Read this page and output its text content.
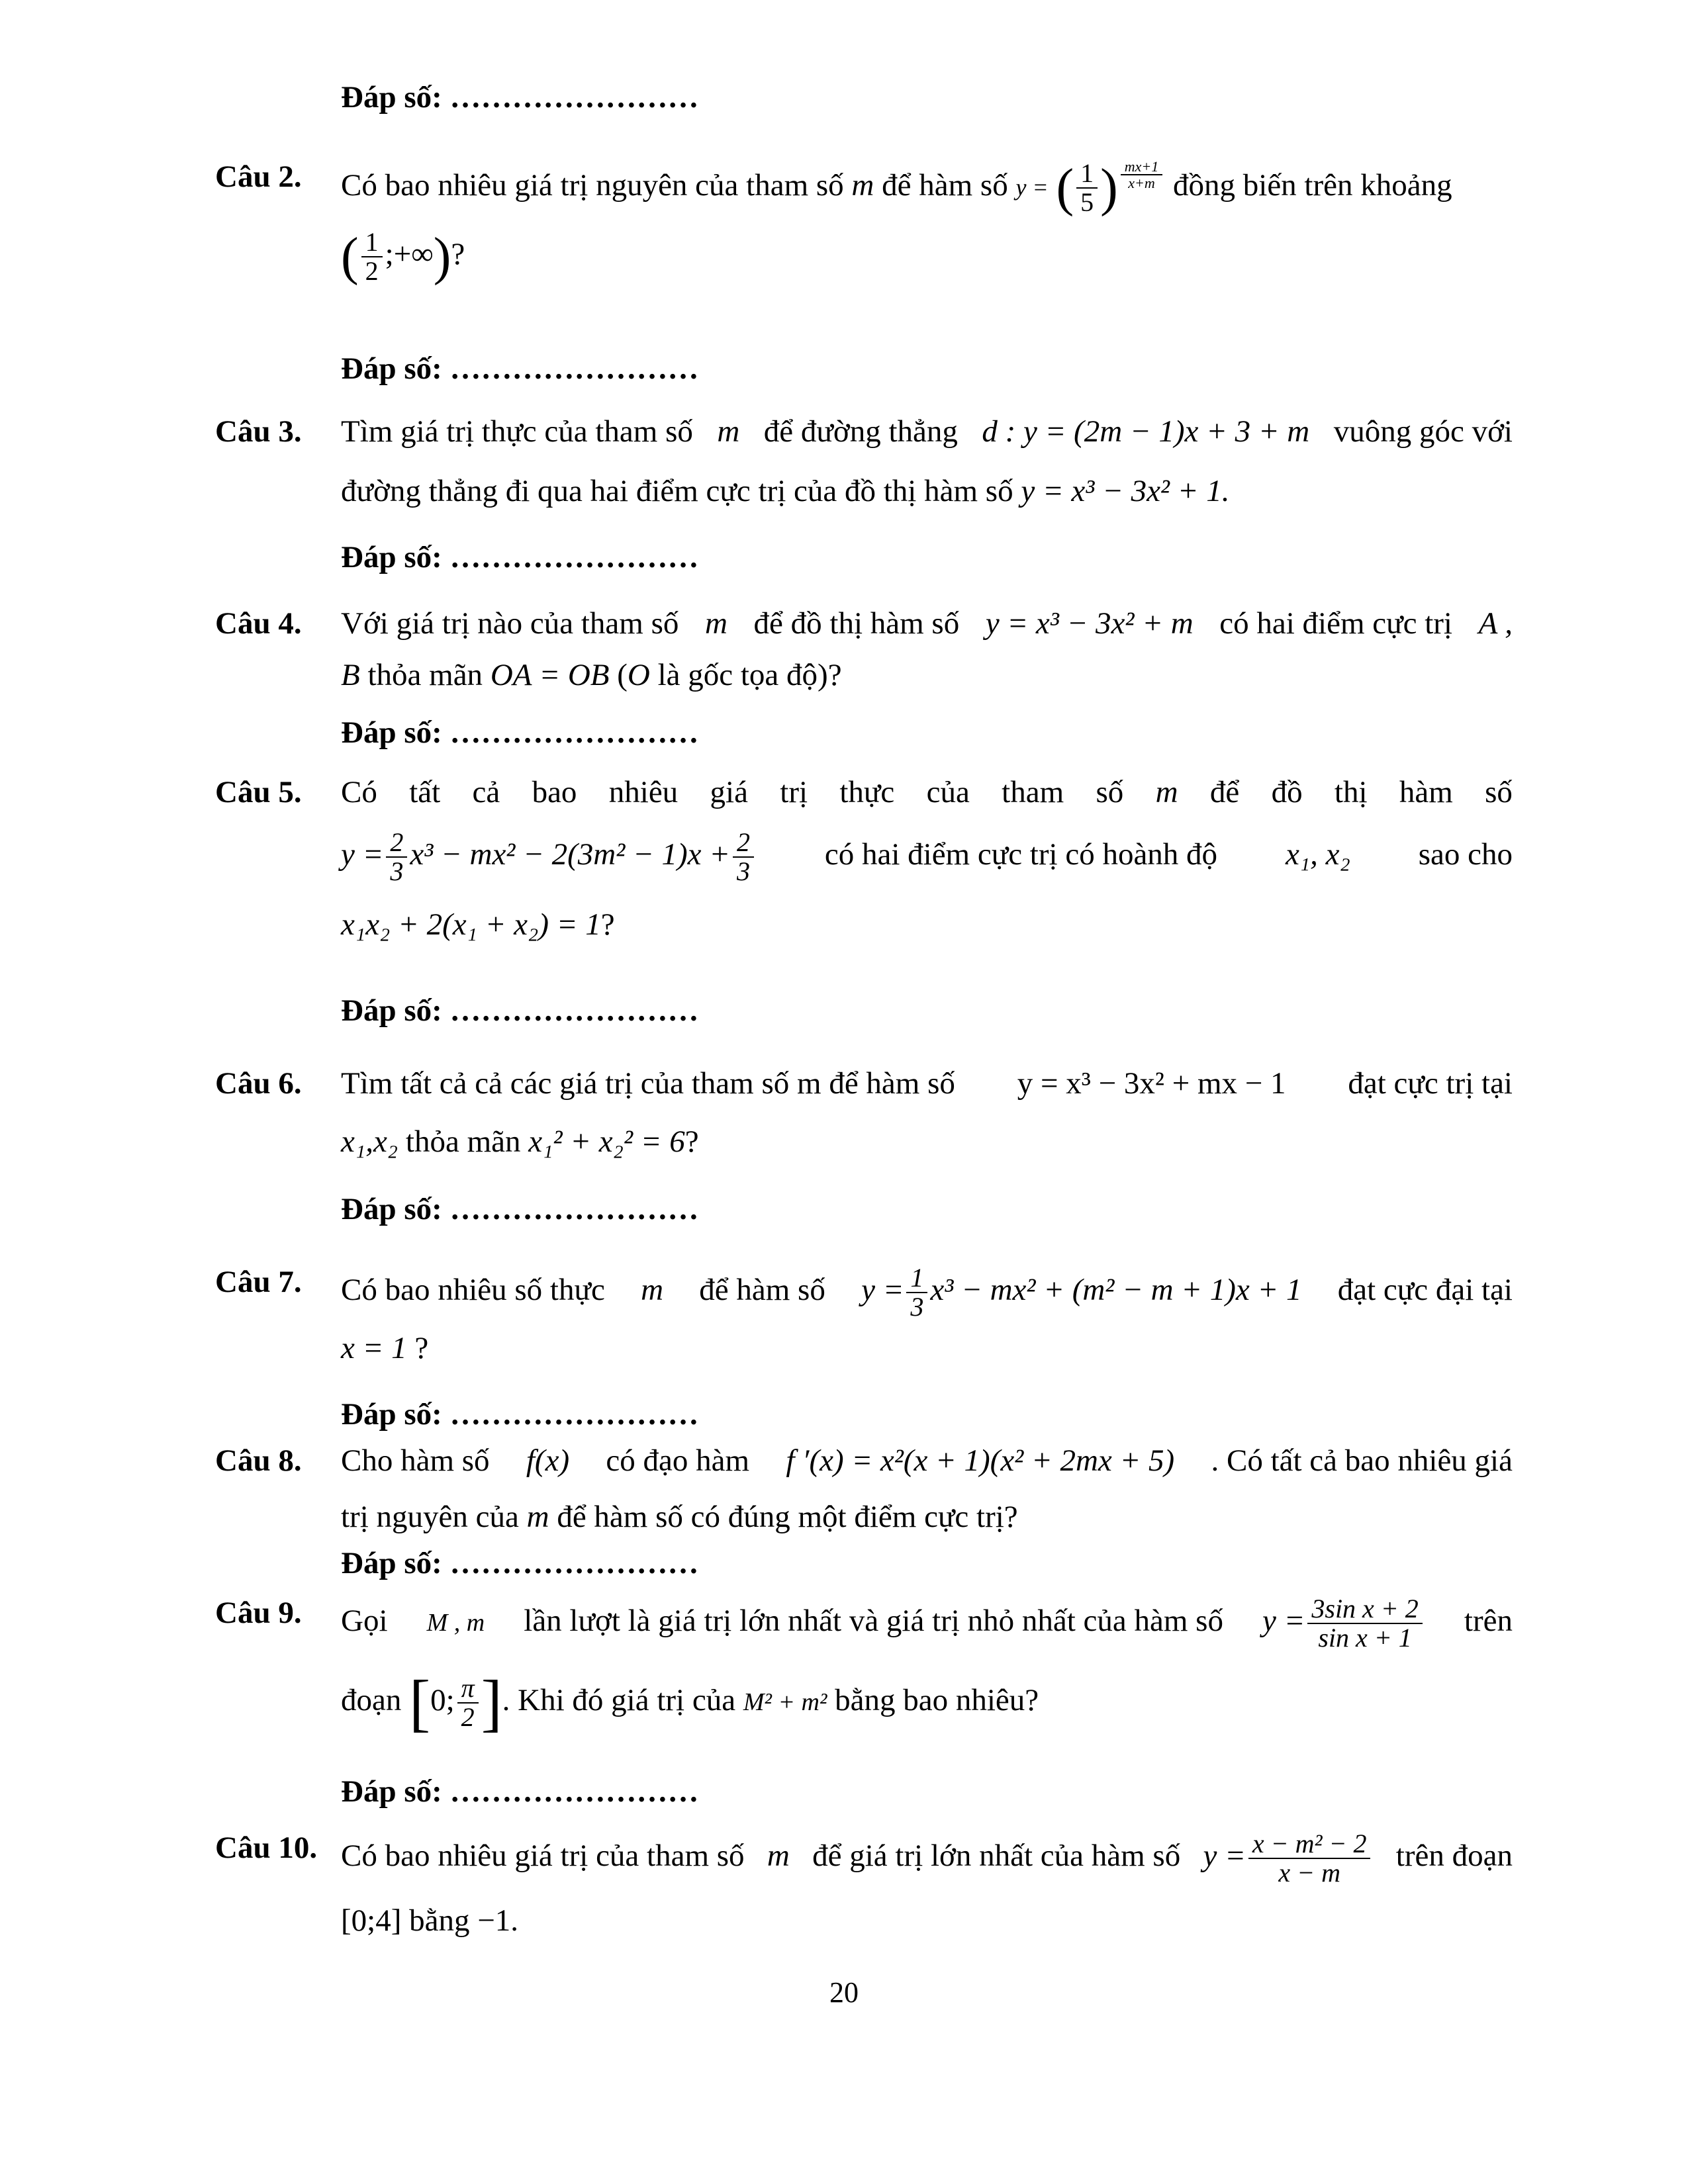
Đáp số: ……………………
Câu 2. Có bao nhiêu giá trị nguyên của tham số m để hàm số y = ( $\frac{1}{5}$ ) $\frac{mx+1}{x+m}$ đồng biến trên khoảng
( $\frac{1}{2}$ ;+∞)?
Đáp số: ……………………
Câu 3. Tìm giá trị thực của tham số m để đường thẳng d : y = (2m − 1)x + 3 + m vuông góc với
đường thẳng đi qua hai điểm cực trị của đồ thị hàm số y = x³ − 3x² + 1.
Đáp số: ……………………
Câu 4. Với giá trị nào của tham số m để đồ thị hàm số y = x³ − 3x² + m có hai điểm cực trị A ,
B thỏa mãn OA = OB (O là gốc tọa độ)?
Đáp số: ……………………
Câu 5. Có tất cả bao nhiêu giá trị thực của tham số m để đồ thị hàm số
$y = \frac{2}{3} x^3 - mx^2 - 2(3m^2 - 1)x + \frac{2}{3}$ có hai điểm cực trị có hoành độ x₁, x₂ sao cho
x₁x₂ + 2(x₁ + x₂) = 1?
Đáp số: ……………………
Câu 6. Tìm tất cả cả các giá trị của tham số m để hàm số y = x³ − 3x² + mx − 1 đạt cực trị tại
x₁,x₂ thỏa mãn x₁² + x₂² = 6?
Đáp số: ……………………
Câu 7. Có bao nhiêu số thực m để hàm số $y = \frac{1}{3} x^3 - mx^2 + (m^2 - m + 1)x + 1$ đạt cực đại tại
x = 1 ?
Đáp số: ……………………
Câu 8. Cho hàm số f(x) có đạo hàm f ′(x) = x²(x + 1)(x² + 2mx + 5) . Có tất cả bao nhiêu giá
trị nguyên của m để hàm số có đúng một điểm cực trị?
Đáp số: ……………………
Câu 9. Gọi M , m lần lượt là giá trị lớn nhất và giá trị nhỏ nhất của hàm số $y = \frac{\text{3sin x + 2}}{\text{sin x + 1}}$ trên
đoạn [0; $\frac{\pi}{2}$ ]. Khi đó giá trị của M² + m² bằng bao nhiêu?
Đáp số: ……………………
Câu 10. Có bao nhiêu giá trị của tham số m để giá trị lớn nhất của hàm số $y = \frac{\text{x − m² − 2}}{x - m}$ trên đoạn
[0;4] bằng −1.
20
